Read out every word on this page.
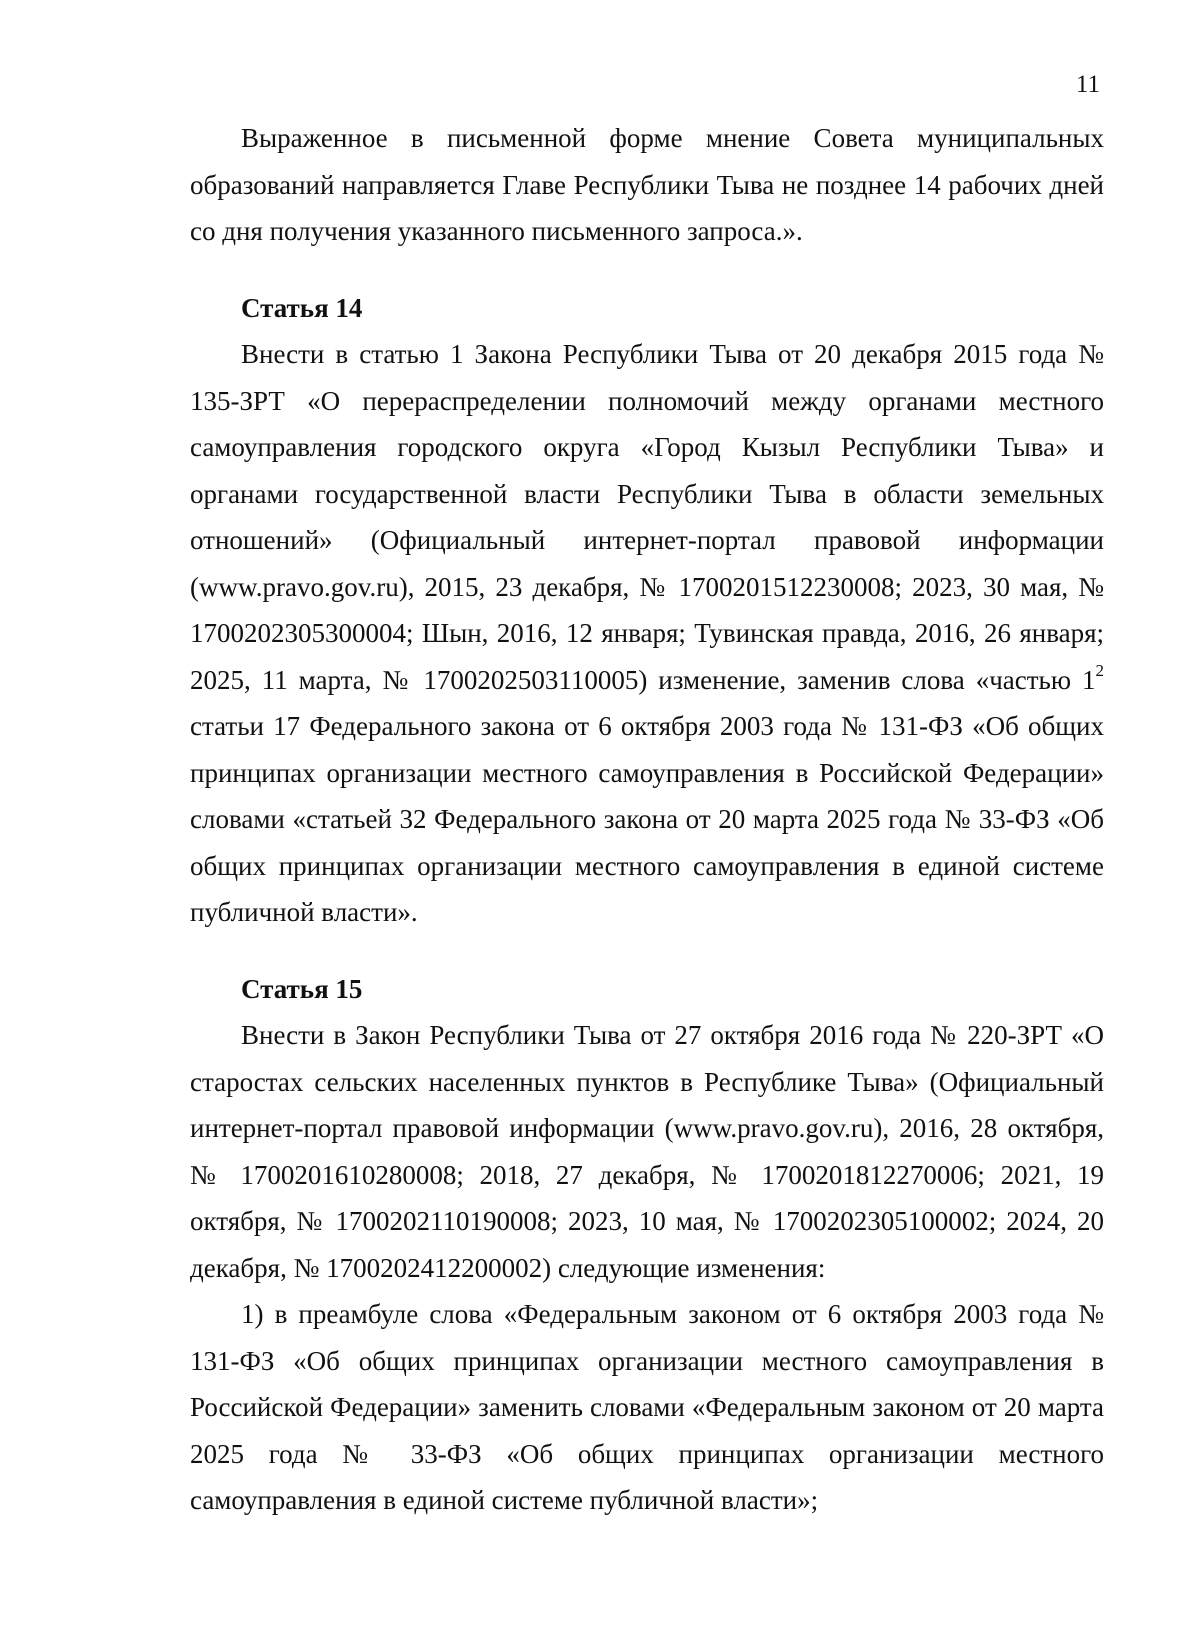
11

Выраженное в письменной форме мнение Совета муниципальных образований направляется Главе Республики Тыва не позднее 14 рабочих дней со дня получения указанного письменного запроса.».

Статья 14

Внести в статью 1 Закона Республики Тыва от 20 декабря 2015 года № 135-ЗРТ «О перераспределении полномочий между органами местного самоуправления городского округа «Город Кызыл Республики Тыва» и органами государственной власти Республики Тыва в области земельных отношений» (Официальный интернет-портал правовой информации (www.pravo.gov.ru), 2015, 23 декабря, № 1700201512230008; 2023, 30 мая, № 1700202305300004; Шын, 2016, 12 января; Тувинская правда, 2016, 26 января; 2025, 11 марта, № 1700202503110005) изменение, заменив слова «частью $1^2$ статьи 17 Федерального закона от 6 октября 2003 года № 131-ФЗ «Об общих принципах организации местного самоуправления в Российской Федерации» словами «статьей 32 Федерального закона от 20 марта 2025 года № 33-ФЗ «Об общих принципах организации местного самоуправления в единой системе публичной власти».

Статья 15

Внести в Закон Республики Тыва от 27 октября 2016 года № 220-ЗРТ «О старостах сельских населенных пунктов в Республике Тыва» (Официальный интернет-портал правовой информации (www.pravo.gov.ru), 2016, 28 октября, № 1700201610280008; 2018, 27 декабря, № 1700201812270006; 2021, 19 октября, № 1700202110190008; 2023, 10 мая, № 1700202305100002; 2024, 20 декабря, № 1700202412200002) следующие изменения:

1) в преамбуле слова «Федеральным законом от 6 октября 2003 года № 131-ФЗ «Об общих принципах организации местного самоуправления в Российской Федерации» заменить словами «Федеральным законом от 20 марта 2025 года № 33-ФЗ «Об общих принципах организации местного самоуправления в единой системе публичной власти»;
